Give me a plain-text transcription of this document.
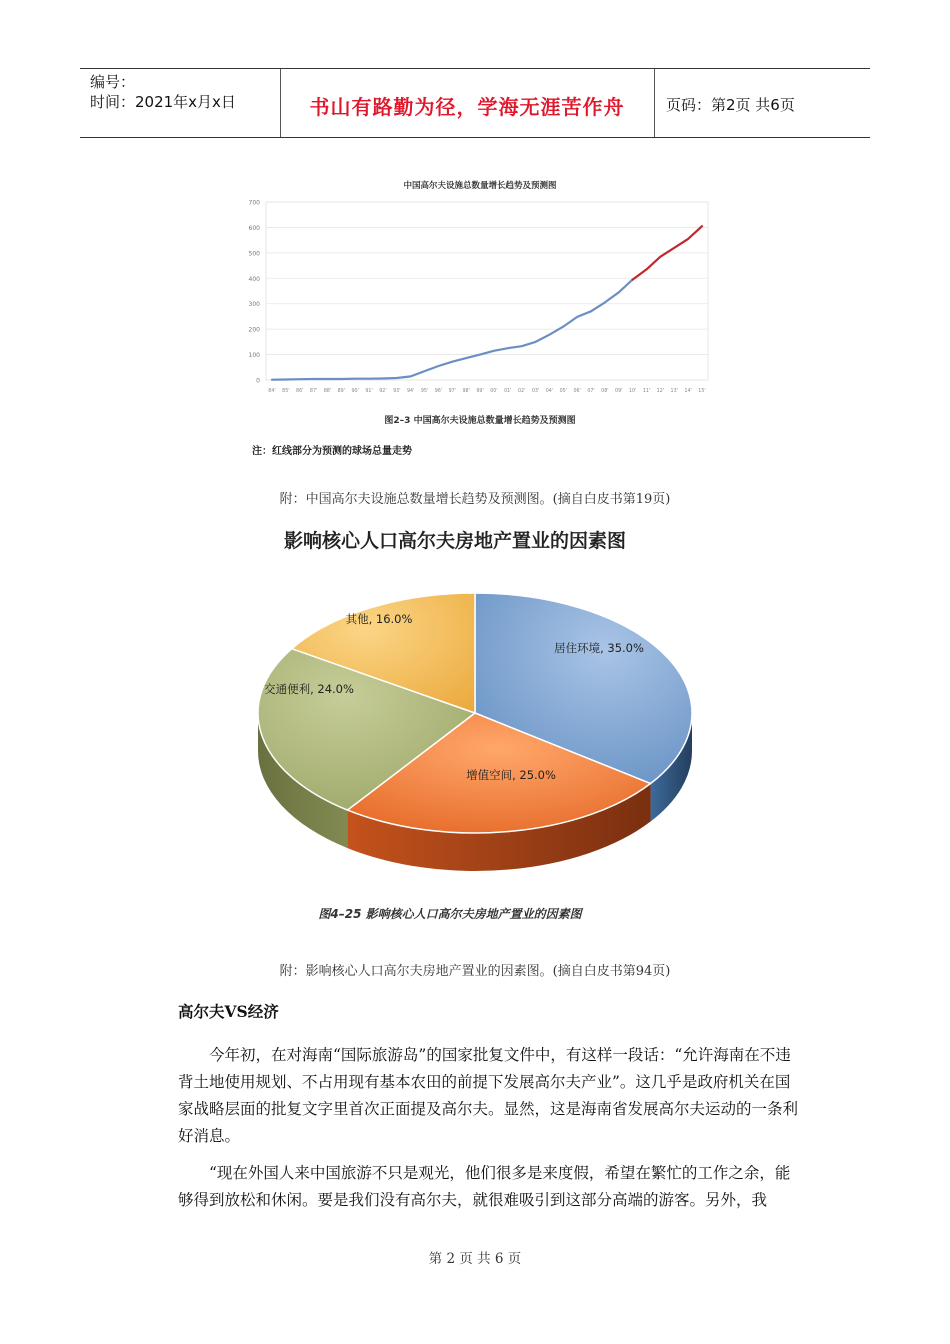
编号：
时间：2021年x月x日	书山有路勤为径，学海无涯苦作舟	页码：第2页 共6页
中国高尔夫设施总数量增长趋势及预测图
0
100
200
300
400
500
600
700
84' 85' 86' 87' 88' 89' 90' 91' 92' 93' 94' 95' 96' 97' 98' 99' 00' 01' 02' 03' 04' 05' 06' 07' 08' 09' 10' 11' 12' 13' 14' 15'
图2–3 中国高尔夫设施总数量增长趋势及预测图
注：红线部分为预测的球场总量走势
附：中国高尔夫设施总数量增长趋势及预测图。(摘自白皮书第19页)
影响核心人口高尔夫房地产置业的因素图
居住环境, 35.0%
增值空间, 25.0%
交通便利, 24.0%
其他, 16.0%
图4–25 影响核心人口高尔夫房地产置业的因素图
附：影响核心人口高尔夫房地产置业的因素图。(摘自白皮书第94页)
高尔夫VS经济
今年初，在对海南“国际旅游岛”的国家批复文件中，有这样一段话：“允许海南在不违背土地使用规划、不占用现有基本农田的前提下发展高尔夫产业”。这几乎是政府机关在国家战略层面的批复文字里首次正面提及高尔夫。显然，这是海南省发展高尔夫运动的一条利好消息。
“现在外国人来中国旅游不只是观光，他们很多是来度假，希望在繁忙的工作之余，能够得到放松和休闲。要是我们没有高尔夫，就很难吸引到这部分高端的游客。另外，我
第 2 页 共 6 页
